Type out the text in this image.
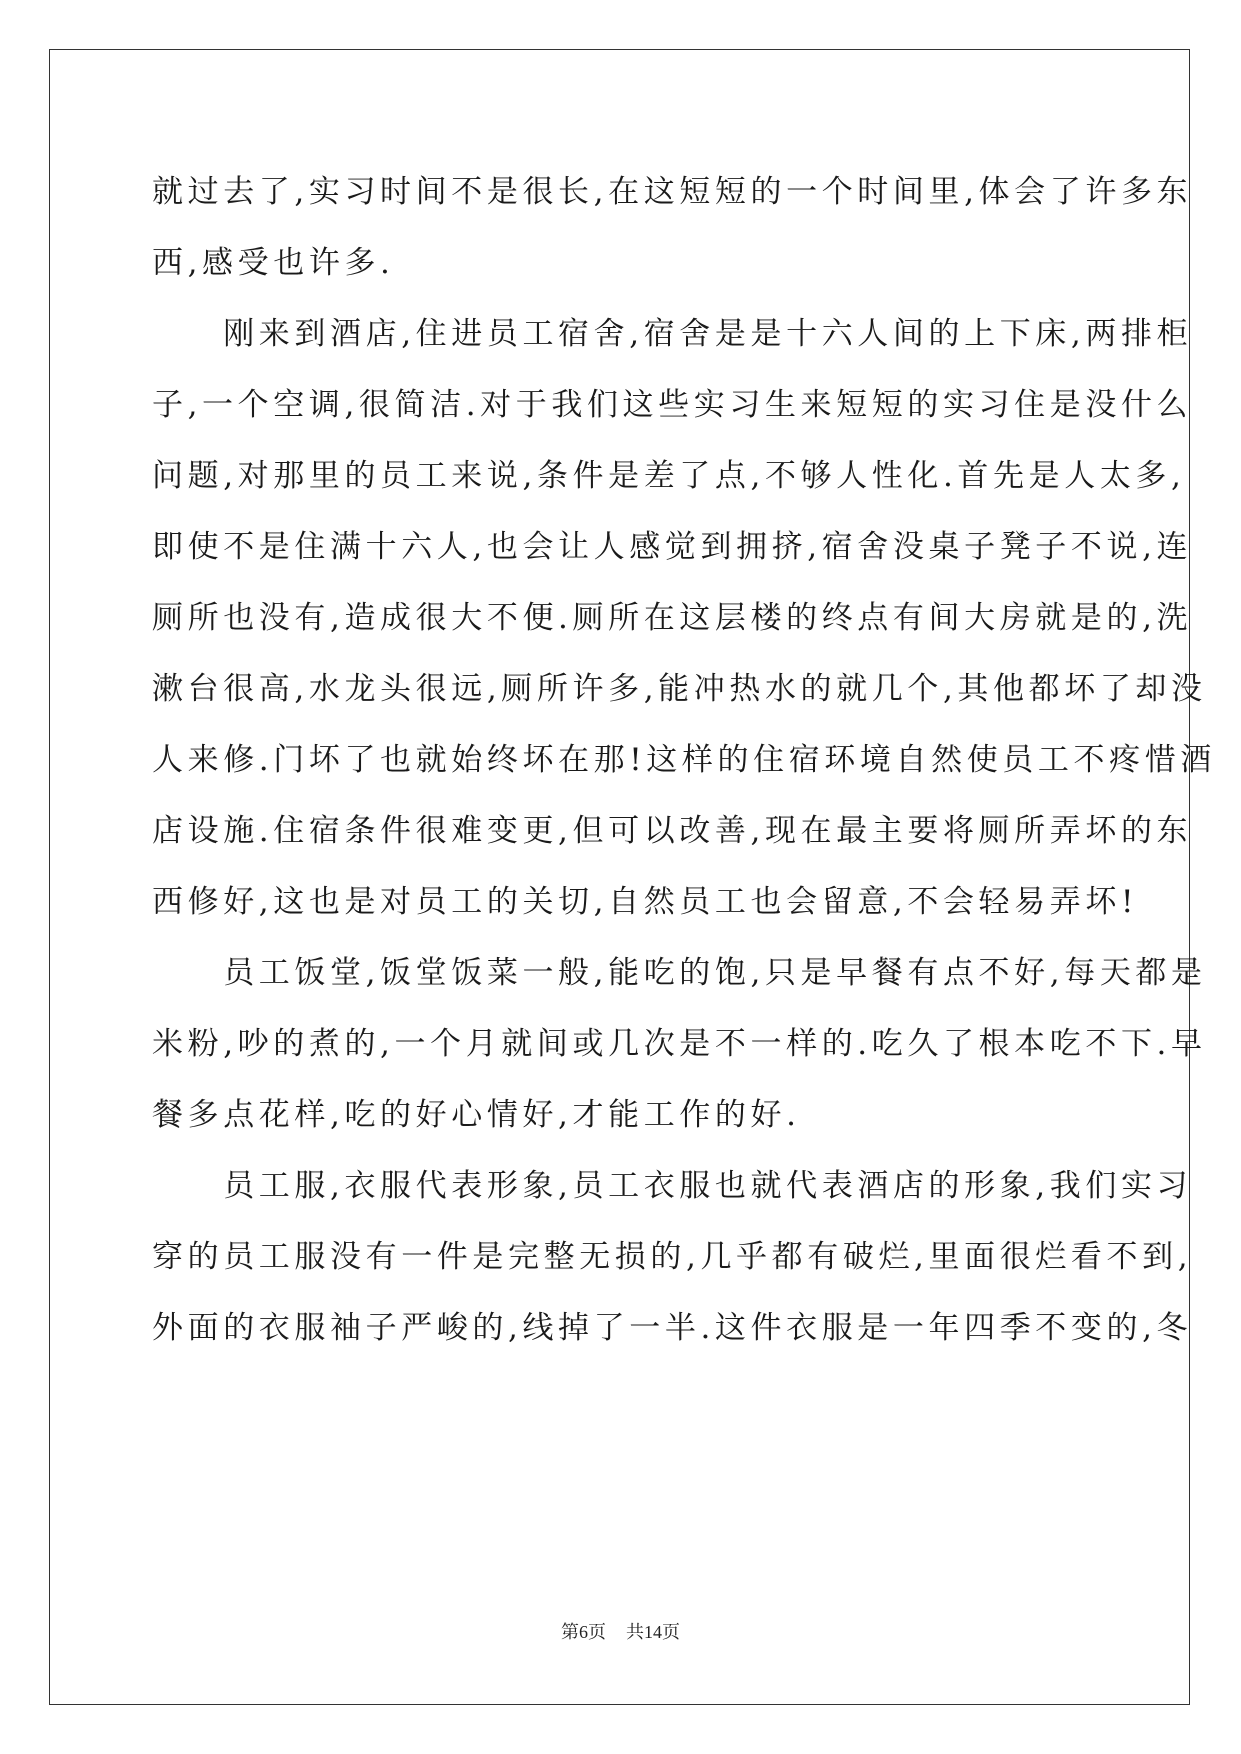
就过去了,实习时间不是很长,在这短短的一个时间里,体会了许多东
西,感受也许多.
　　刚来到酒店,住进员工宿舍,宿舍是是十六人间的上下床,两排柜
子,一个空调,很简洁.对于我们这些实习生来短短的实习住是没什么
问题,对那里的员工来说,条件是差了点,不够人性化.首先是人太多,
即使不是住满十六人,也会让人感觉到拥挤,宿舍没桌子凳子不说,连
厕所也没有,造成很大不便.厕所在这层楼的终点有间大房就是的,洗
漱台很高,水龙头很远,厕所许多,能冲热水的就几个,其他都坏了却没
人来修.门坏了也就始终坏在那!这样的住宿环境自然使员工不疼惜酒
店设施.住宿条件很难变更,但可以改善,现在最主要将厕所弄坏的东
西修好,这也是对员工的关切,自然员工也会留意,不会轻易弄坏!
　　员工饭堂,饭堂饭菜一般,能吃的饱,只是早餐有点不好,每天都是
米粉,吵的煮的,一个月就间或几次是不一样的.吃久了根本吃不下.早
餐多点花样,吃的好心情好,才能工作的好.
　　员工服,衣服代表形象,员工衣服也就代表酒店的形象,我们实习
穿的员工服没有一件是完整无损的,几乎都有破烂,里面很烂看不到,
外面的衣服袖子严峻的,线掉了一半.这件衣服是一年四季不变的,冬
第6页 共14页
